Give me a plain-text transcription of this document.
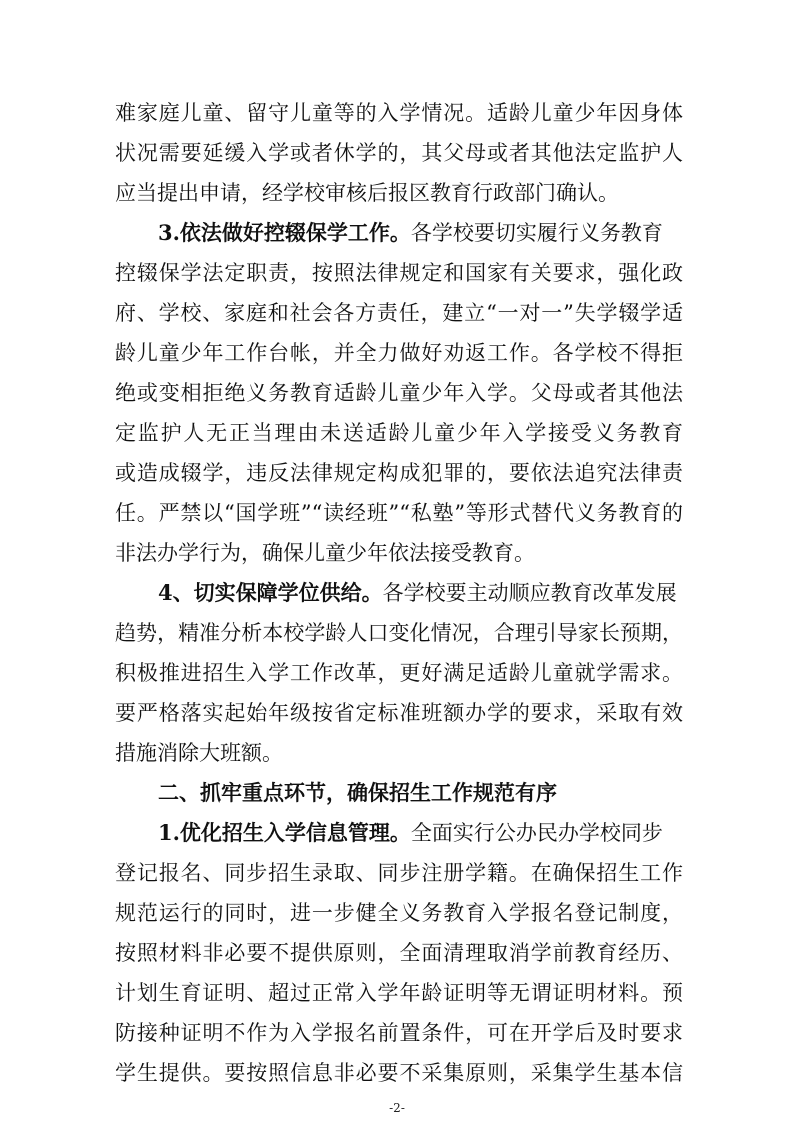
难家庭儿童、留守儿童等的入学情况。适龄儿童少年因身体
状况需要延缓入学或者休学的，其父母或者其他法定监护人
应当提出申请，经学校审核后报区教育行政部门确认。
3.依法做好控辍保学工作。各学校要切实履行义务教育
控辍保学法定职责，按照法律规定和国家有关要求，强化政
府、学校、家庭和社会各方责任，建立“一对一”失学辍学适
龄儿童少年工作台帐，并全力做好劝返工作。各学校不得拒
绝或变相拒绝义务教育适龄儿童少年入学。父母或者其他法
定监护人无正当理由未送适龄儿童少年入学接受义务教育
或造成辍学，违反法律规定构成犯罪的，要依法追究法律责
任。严禁以“国学班”“读经班”“私塾”等形式替代义务教育的
非法办学行为，确保儿童少年依法接受教育。
4、切实保障学位供给。各学校要主动顺应教育改革发展
趋势，精准分析本校学龄人口变化情况，合理引导家长预期，
积极推进招生入学工作改革，更好满足适龄儿童就学需求。
要严格落实起始年级按省定标准班额办学的要求，采取有效
措施消除大班额。
二、抓牢重点环节，确保招生工作规范有序
1.优化招生入学信息管理。全面实行公办民办学校同步
登记报名、同步招生录取、同步注册学籍。在确保招生工作
规范运行的同时，进一步健全义务教育入学报名登记制度，
按照材料非必要不提供原则，全面清理取消学前教育经历、
计划生育证明、超过正常入学年龄证明等无谓证明材料。预
防接种证明不作为入学报名前置条件，可在开学后及时要求
学生提供。要按照信息非必要不采集原则，采集学生基本信
-2-
